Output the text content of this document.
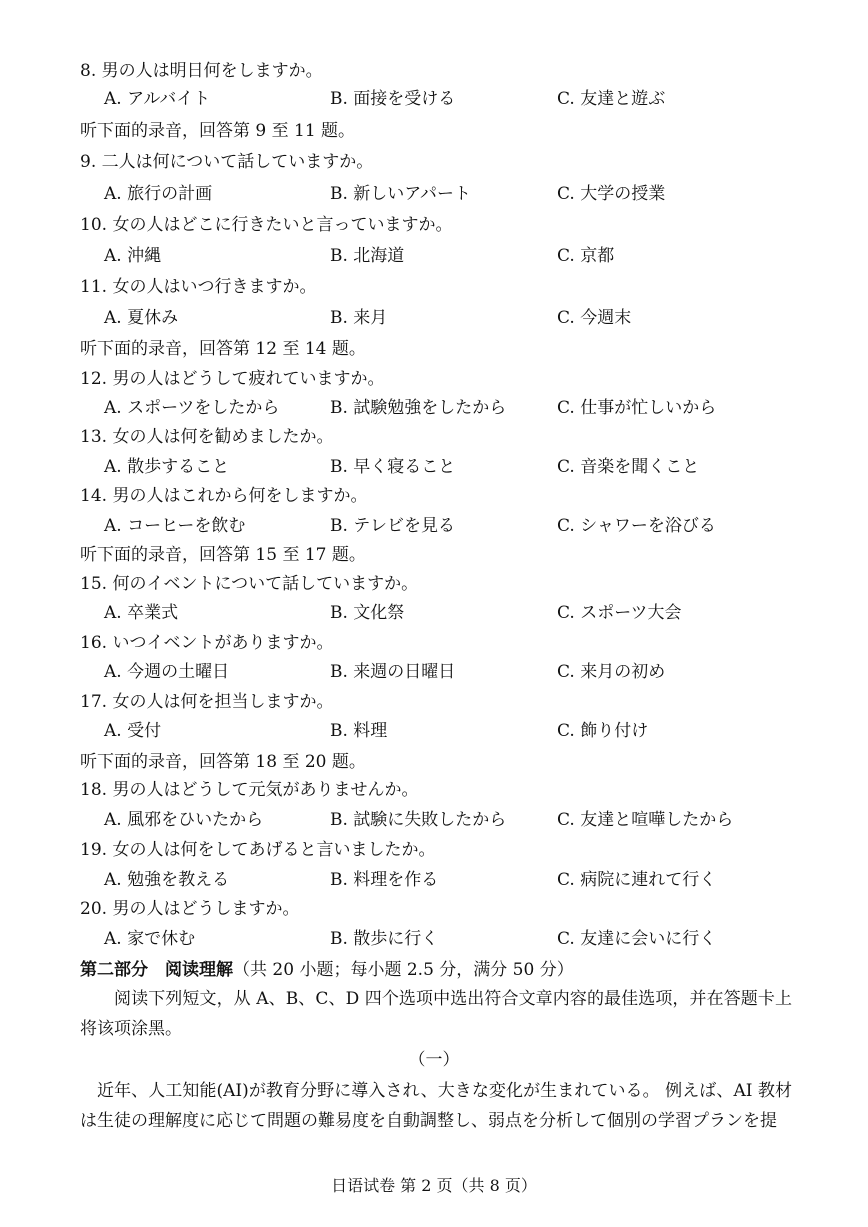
8. 男の人は明日何をしますか。
A. アルバイト	B. 面接を受ける	C. 友達と遊ぶ
听下面的录音，回答第 9 至 11 题。
9. 二人は何について話していますか。
A. 旅行の計画	B. 新しいアパート	C. 大学の授業
10. 女の人はどこに行きたいと言っていますか。
A. 沖縄	B. 北海道	C. 京都
11. 女の人はいつ行きますか。
A. 夏休み	B. 来月	C. 今週末
听下面的录音，回答第 12 至 14 题。
12. 男の人はどうして疲れていますか。
A. スポーツをしたから	B. 試験勉強をしたから	C. 仕事が忙しいから
13. 女の人は何を勧めましたか。
A. 散歩すること	B. 早く寝ること	C. 音楽を聞くこと
14. 男の人はこれから何をしますか。
A. コーヒーを飲む	B. テレビを見る	C. シャワーを浴びる
听下面的录音，回答第 15 至 17 题。
15. 何のイベントについて話していますか。
A. 卒業式	B. 文化祭	C. スポーツ大会
16. いつイベントがありますか。
A. 今週の土曜日	B. 来週の日曜日	C. 来月の初め
17. 女の人は何を担当しますか。
A. 受付	B. 料理	C. 飾り付け
听下面的录音，回答第 18 至 20 题。
18. 男の人はどうして元気がありませんか。
A. 風邪をひいたから	B. 試験に失敗したから	C. 友達と喧嘩したから
19. 女の人は何をしてあげると言いましたか。
A. 勉強を教える	B. 料理を作る	C. 病院に連れて行く
20. 男の人はどうしますか。
A. 家で休む	B. 散歩に行く	C. 友達に会いに行く
第二部分　阅读理解（共 20 小题；每小题 2.5 分，满分 50 分）
阅读下列短文，从 A、B、C、D 四个选项中选出符合文章内容的最佳选项，并在答题卡上将该项涂黑。
（一）
近年、人工知能(AI)が教育分野に導入され、大きな変化が生まれている。 例えば、AI 教材は生徒の理解度に応じて問題の難易度を自動調整し、弱点を分析して個別の学習プランを提
日语试卷 第 2 页（共 8 页）
